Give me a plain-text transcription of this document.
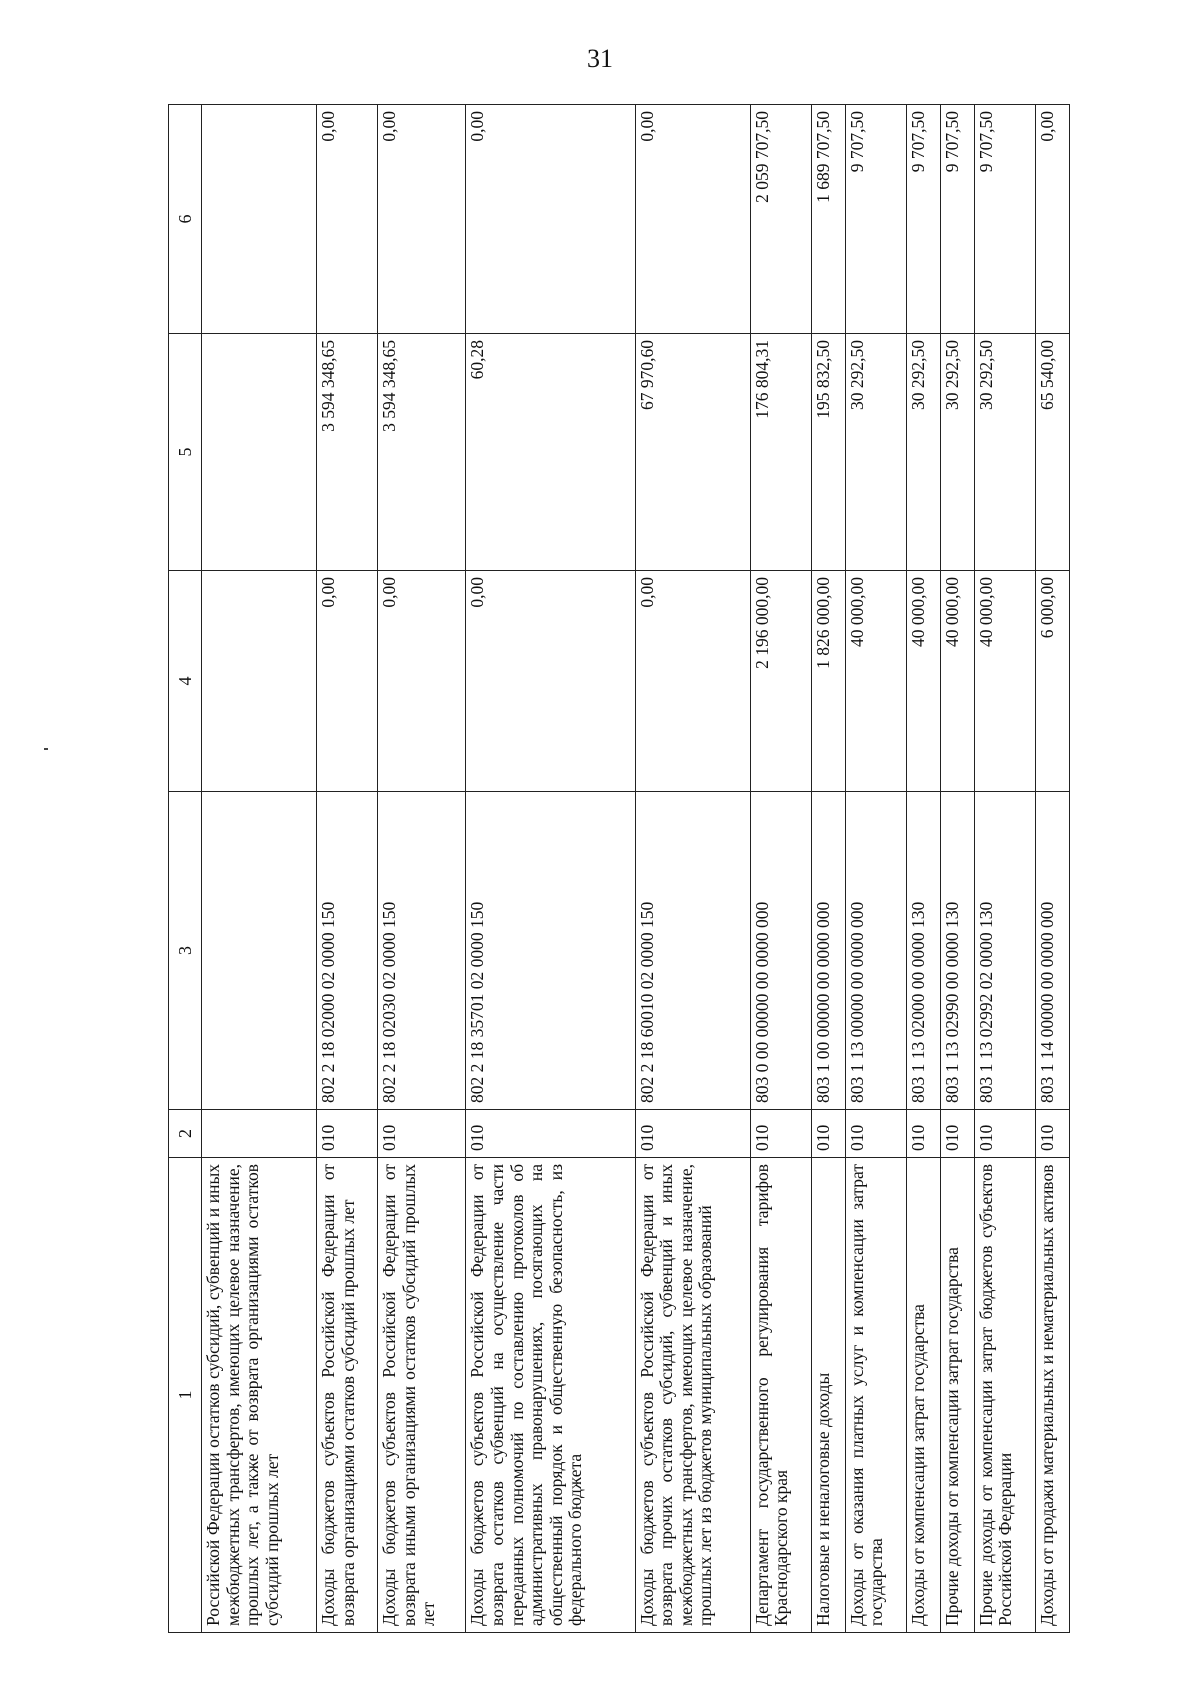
31
1	2	3	4	5	6
Российской Федерации остатков субсидий, субвенций и иных межбюджетных трансфертов, имеющих целевое назначение, прошлых лет, а также от возврата организациями остатков субсидий прошлых лет					
Доходы бюджетов субъектов Российской Федерации от возврата организациями остатков субсидий прошлых лет	010	802 2 18 02000 02 0000 150	0,00	3 594 348,65	0,00
Доходы бюджетов субъектов Российской Федерации от возврата иными организациями остатков субсидий прошлых лет	010	802 2 18 02030 02 0000 150	0,00	3 594 348,65	0,00
Доходы бюджетов субъектов Российской Федерации от возврата остатков субвенций на осуществление части переданных полномочий по составлению протоколов об административных правонарушениях, посягающих на общественный порядок и общественную безопасность, из федерального бюджета	010	802 2 18 35701 02 0000 150	0,00	60,28	0,00
Доходы бюджетов субъектов Российской Федерации от возврата прочих остатков субсидий, субвенций и иных межбюджетных трансфертов, имеющих целевое назначение, прошлых лет из бюджетов муниципальных образований	010	802 2 18 60010 02 0000 150	0,00	67 970,60	0,00
Департамент государственного регулирования тарифов Краснодарского края	010	803 0 00 00000 00 0000 000	2 196 000,00	176 804,31	2 059 707,50
Налоговые и неналоговые доходы	010	803 1 00 00000 00 0000 000	1 826 000,00	195 832,50	1 689 707,50
Доходы от оказания платных услуг и компенсации затрат государства	010	803 1 13 00000 00 0000 000	40 000,00	30 292,50	9 707,50
Доходы от компенсации затрат государства	010	803 1 13 02000 00 0000 130	40 000,00	30 292,50	9 707,50
Прочие доходы от компенсации затрат государства	010	803 1 13 02990 00 0000 130	40 000,00	30 292,50	9 707,50
Прочие доходы от компенсации затрат бюджетов субъектов Российской Федерации	010	803 1 13 02992 02 0000 130	40 000,00	30 292,50	9 707,50
Доходы от продажи материальных и нематериальных активов	010	803 1 14 00000 00 0000 000	6 000,00	65 540,00	0,00
